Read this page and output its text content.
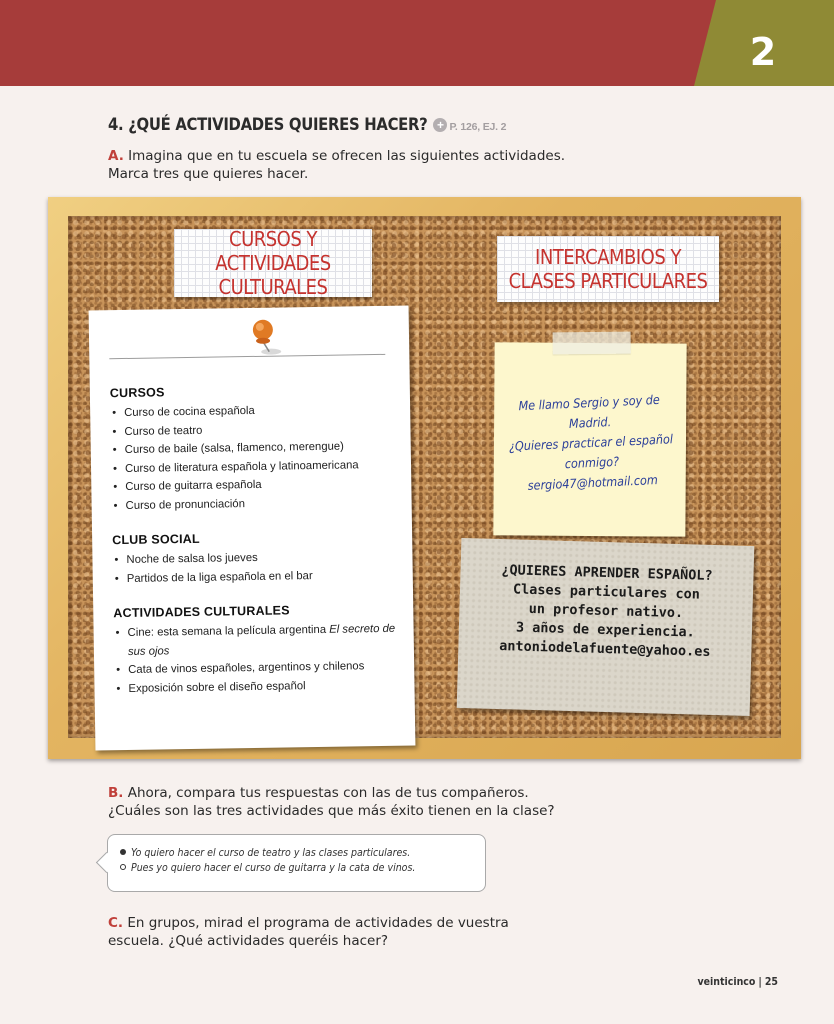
2
4. ¿QUÉ ACTIVIDADES QUIERES HACER? + P. 126, EJ. 2
A. Imagina que en tu escuela se ofrecen las siguientes actividades.
Marca tres que quieres hacer.
CURSOS Y ACTIVIDADES
CULTURALES
INTERCAMBIOS Y
CLASES PARTICULARES
CURSOS
• Curso de cocina española
• Curso de teatro
• Curso de baile (salsa, flamenco, merengue)
• Curso de literatura española y latinoamericana
• Curso de guitarra española
• Curso de pronunciación
CLUB SOCIAL
• Noche de salsa los jueves
• Partidos de la liga española en el bar
ACTIVIDADES CULTURALES
• Cine: esta semana la película argentina El secreto de sus ojos
• Cata de vinos españoles, argentinos y chilenos
• Exposición sobre el diseño español
Me llamo Sergio y soy de Madrid.
¿Quieres practicar el español
conmigo?
sergio47@hotmail.com
¿QUIERES APRENDER ESPAÑOL?
Clases particulares con
un profesor nativo.
3 años de experiencia.
antoniodelafuente@yahoo.es
B. Ahora, compara tus respuestas con las de tus compañeros.
¿Cuáles son las tres actividades que más éxito tienen en la clase?
Yo quiero hacer el curso de teatro y las clases particulares.
Pues yo quiero hacer el curso de guitarra y la cata de vinos.
C. En grupos, mirad el programa de actividades de vuestra
escuela. ¿Qué actividades queréis hacer?
veinticinco | 25
